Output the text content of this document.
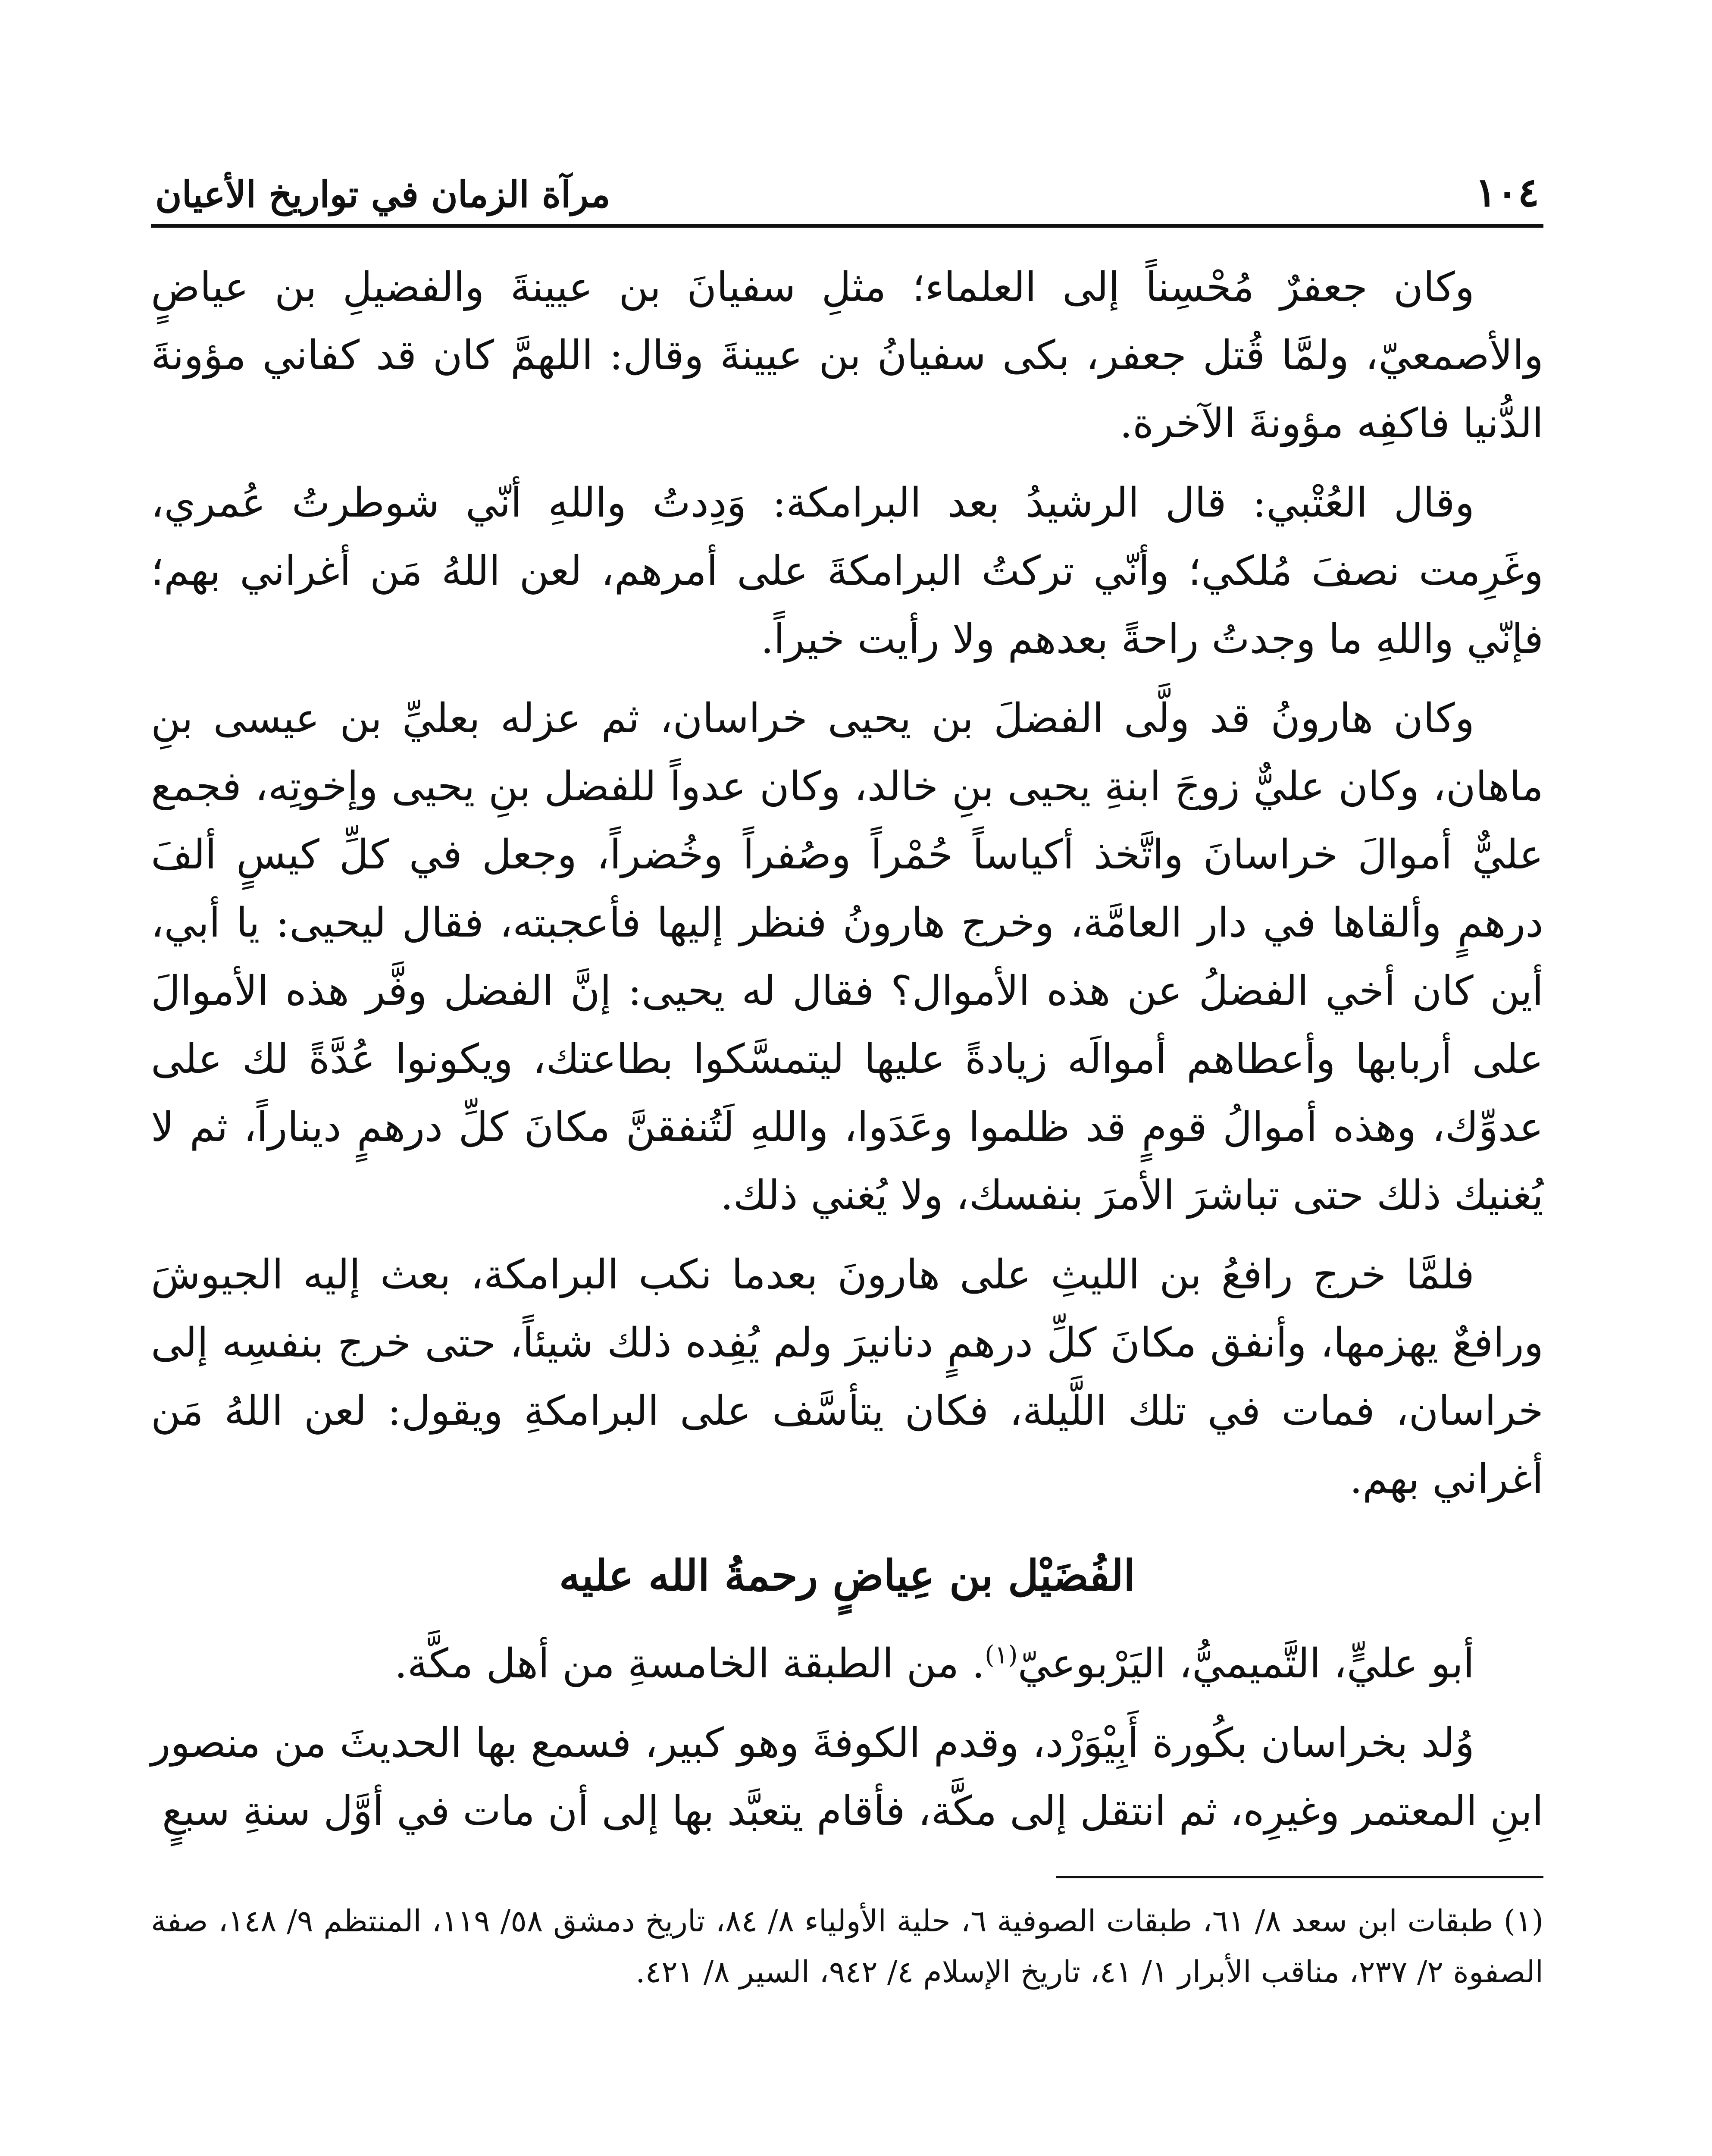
١٠٤
مرآة الزمان في تواريخ الأعيان

وكان جعفرٌ مُحْسِناً إلى العلماء؛ مثلِ سفيانَ بن عيينةَ والفضيلِ بن عياضٍ والأصمعيّ، ولمَّا قُتل جعفر، بكى سفيانُ بن عيينةَ وقال: اللهمَّ كان قد كفاني مؤونةَ الدُّنيا فاكفِه مؤونةَ الآخرة.

وقال العُتْبي: قال الرشيدُ بعد البرامكة: وَدِدتُ واللهِ أنّي شوطرتُ عُمري، وغَرِمت نصفَ مُلكي؛ وأنّي تركتُ البرامكةَ على أمرهم، لعن اللهُ مَن أغراني بهم؛ فإنّي واللهِ ما وجدتُ راحةً بعدهم ولا رأيت خيراً.

وكان هارونُ قد ولَّى الفضلَ بن يحيى خراسان، ثم عزله بعليِّ بن عيسى بنِ ماهان، وكان عليٌّ زوجَ ابنةِ يحيى بنِ خالد، وكان عدواً للفضل بنِ يحيى وإخوتِه، فجمع عليٌّ أموالَ خراسانَ واتَّخذ أكياساً حُمْراً وصُفراً وخُضراً، وجعل في كلِّ كيسٍ ألفَ درهمٍ وألقاها في دار العامَّة، وخرج هارونُ فنظر إليها فأعجبته، فقال ليحيى: يا أبي، أين كان أخي الفضلُ عن هذه الأموال؟ فقال له يحيى: إنَّ الفضل وفَّر هذه الأموالَ على أربابها وأعطاهم أموالَه زيادةً عليها ليتمسَّكوا بطاعتك، ويكونوا عُدَّةً لك على عدوِّك، وهذه أموالُ قومٍ قد ظلموا وعَدَوا، واللهِ لَتُنفقنَّ مكانَ كلِّ درهمٍ ديناراً، ثم لا يُغنيك ذلك حتى تباشرَ الأمرَ بنفسك، ولا يُغني ذلك.

فلمَّا خرج رافعُ بن الليثِ على هارونَ بعدما نكب البرامكة، بعث إليه الجيوشَ ورافعٌ يهزمها، وأنفق مكانَ كلِّ درهمٍ دنانيرَ ولم يُفِده ذلك شيئاً، حتى خرج بنفسِه إلى خراسان، فمات في تلك اللَّيلة، فكان يتأسَّف على البرامكةِ ويقول: لعن اللهُ مَن أغراني بهم.

الفُضَيْل بن عِياضٍ رحمةُ الله عليه

أبو عليٍّ، التَّميميُّ، اليَرْبوعيّ$^{(١)}$. من الطبقة الخامسةِ من أهل مكَّة.

وُلد بخراسان بكُورة أَبِيْوَرْد، وقدم الكوفةَ وهو كبير، فسمع بها الحديثَ من منصور ابنِ المعتمر وغيرِه، ثم انتقل إلى مكَّة، فأقام يتعبَّد بها إلى أن مات في أوَّل سنةِ سبعٍ

(١) طبقات ابن سعد ٨/ ٦١، طبقات الصوفية ٦، حلية الأولياء ٨/ ٨٤، تاريخ دمشق ٥٨/ ١١٩، المنتظم ٩/ ١٤٨، صفة الصفوة ٢/ ٢٣٧، مناقب الأبرار ١/ ٤١، تاريخ الإسلام ٤/ ٩٤٢، السير ٨/ ٤٢١.
